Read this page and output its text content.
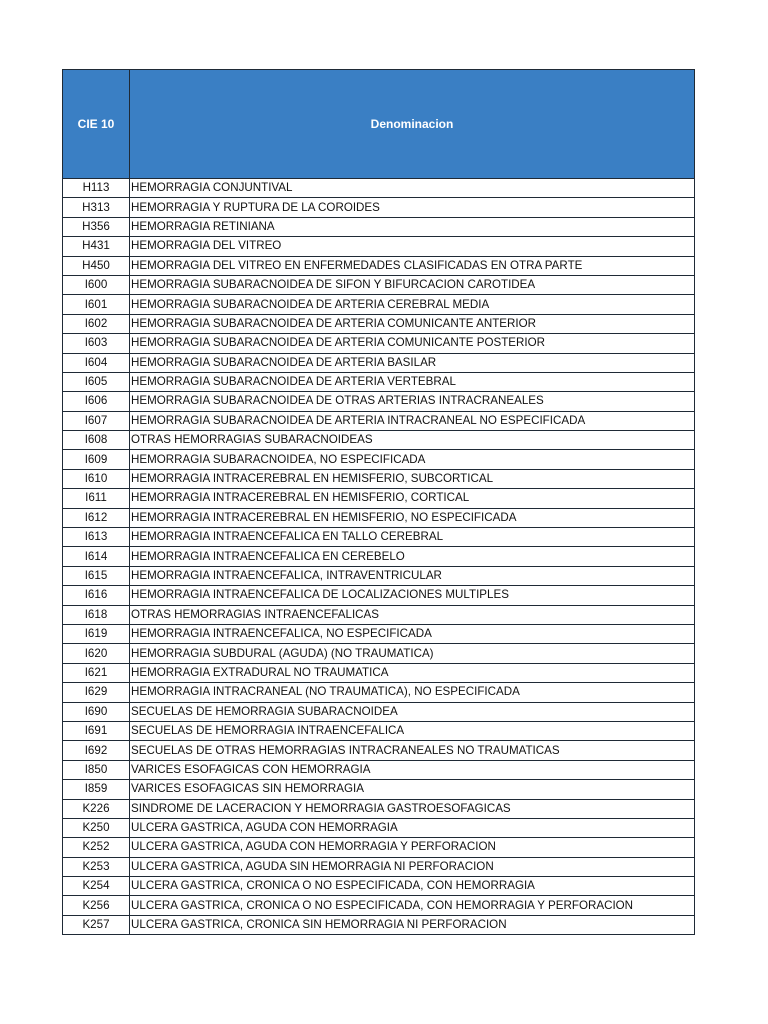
CIE 10	Denominacion
H113	HEMORRAGIA CONJUNTIVAL
H313	HEMORRAGIA Y RUPTURA DE LA COROIDES
H356	HEMORRAGIA RETINIANA
H431	HEMORRAGIA DEL VITREO
H450	HEMORRAGIA DEL VITREO EN ENFERMEDADES CLASIFICADAS EN OTRA PARTE
I600	HEMORRAGIA SUBARACNOIDEA DE SIFON Y BIFURCACION CAROTIDEA
I601	HEMORRAGIA SUBARACNOIDEA DE ARTERIA CEREBRAL MEDIA
I602	HEMORRAGIA SUBARACNOIDEA DE ARTERIA COMUNICANTE ANTERIOR
I603	HEMORRAGIA SUBARACNOIDEA DE ARTERIA COMUNICANTE POSTERIOR
I604	HEMORRAGIA SUBARACNOIDEA DE ARTERIA BASILAR
I605	HEMORRAGIA SUBARACNOIDEA DE ARTERIA VERTEBRAL
I606	HEMORRAGIA SUBARACNOIDEA DE OTRAS ARTERIAS INTRACRANEALES
I607	HEMORRAGIA SUBARACNOIDEA DE ARTERIA INTRACRANEAL NO ESPECIFICADA
I608	OTRAS HEMORRAGIAS SUBARACNOIDEAS
I609	HEMORRAGIA SUBARACNOIDEA, NO ESPECIFICADA
I610	HEMORRAGIA INTRACEREBRAL EN HEMISFERIO, SUBCORTICAL
I611	HEMORRAGIA INTRACEREBRAL EN HEMISFERIO, CORTICAL
I612	HEMORRAGIA INTRACEREBRAL EN HEMISFERIO, NO ESPECIFICADA
I613	HEMORRAGIA INTRAENCEFALICA EN TALLO CEREBRAL
I614	HEMORRAGIA INTRAENCEFALICA EN CEREBELO
I615	HEMORRAGIA INTRAENCEFALICA, INTRAVENTRICULAR
I616	HEMORRAGIA INTRAENCEFALICA DE LOCALIZACIONES MULTIPLES
I618	OTRAS HEMORRAGIAS INTRAENCEFALICAS
I619	HEMORRAGIA INTRAENCEFALICA, NO ESPECIFICADA
I620	HEMORRAGIA SUBDURAL (AGUDA) (NO TRAUMATICA)
I621	HEMORRAGIA EXTRADURAL NO TRAUMATICA
I629	HEMORRAGIA INTRACRANEAL (NO TRAUMATICA), NO ESPECIFICADA
I690	SECUELAS DE HEMORRAGIA SUBARACNOIDEA
I691	SECUELAS DE HEMORRAGIA INTRAENCEFALICA
I692	SECUELAS DE OTRAS HEMORRAGIAS INTRACRANEALES NO TRAUMATICAS
I850	VARICES ESOFAGICAS CON HEMORRAGIA
I859	VARICES ESOFAGICAS SIN HEMORRAGIA
K226	SINDROME DE LACERACION Y HEMORRAGIA GASTROESOFAGICAS
K250	ULCERA GASTRICA, AGUDA CON HEMORRAGIA
K252	ULCERA GASTRICA, AGUDA CON HEMORRAGIA Y PERFORACION
K253	ULCERA GASTRICA, AGUDA SIN HEMORRAGIA NI PERFORACION
K254	ULCERA GASTRICA, CRONICA O NO ESPECIFICADA, CON HEMORRAGIA
K256	ULCERA GASTRICA, CRONICA O NO ESPECIFICADA, CON HEMORRAGIA Y PERFORACION
K257	ULCERA GASTRICA, CRONICA SIN HEMORRAGIA NI PERFORACION
